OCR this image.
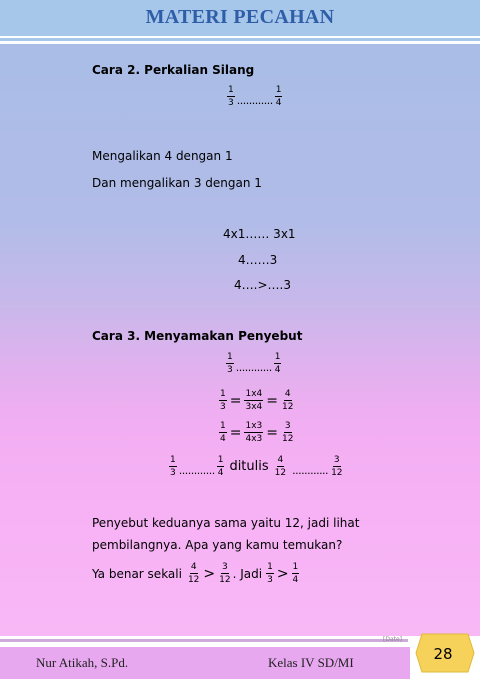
MATERI PECAHAN
Cara 2. Perkalian Silang
$\frac{1}{3}$ ............ $\frac{1}{4}$
Mengalikan 4 dengan 1
Dan mengalikan 3 dengan 1
4x1…… 3x1
4……3
4….>….3
Cara 3. Menyamakan Penyebut
$\frac{1}{3}$ ............ $\frac{1}{4}$
$\frac{1}{3} = \frac{1x4}{3x4} = \frac{4}{12}$
$\frac{1}{4} = \frac{1x3}{4x3} = \frac{3}{12}$
$\frac{1}{3}$ ............ $\frac{1}{4}$ ditulis $\frac{4}{12}$ ............ $\frac{3}{12}$
Penyebut keduanya sama yaitu 12, jadi lihat
pembilangnya. Apa yang kamu temukan?
Ya benar sekali $\frac{4}{12} > \frac{3}{12}$ . Jadi $\frac{1}{3} > \frac{1}{4}$
Nur Atikah, S.Pd.	Kelas IV SD/MI
[Date]
28
